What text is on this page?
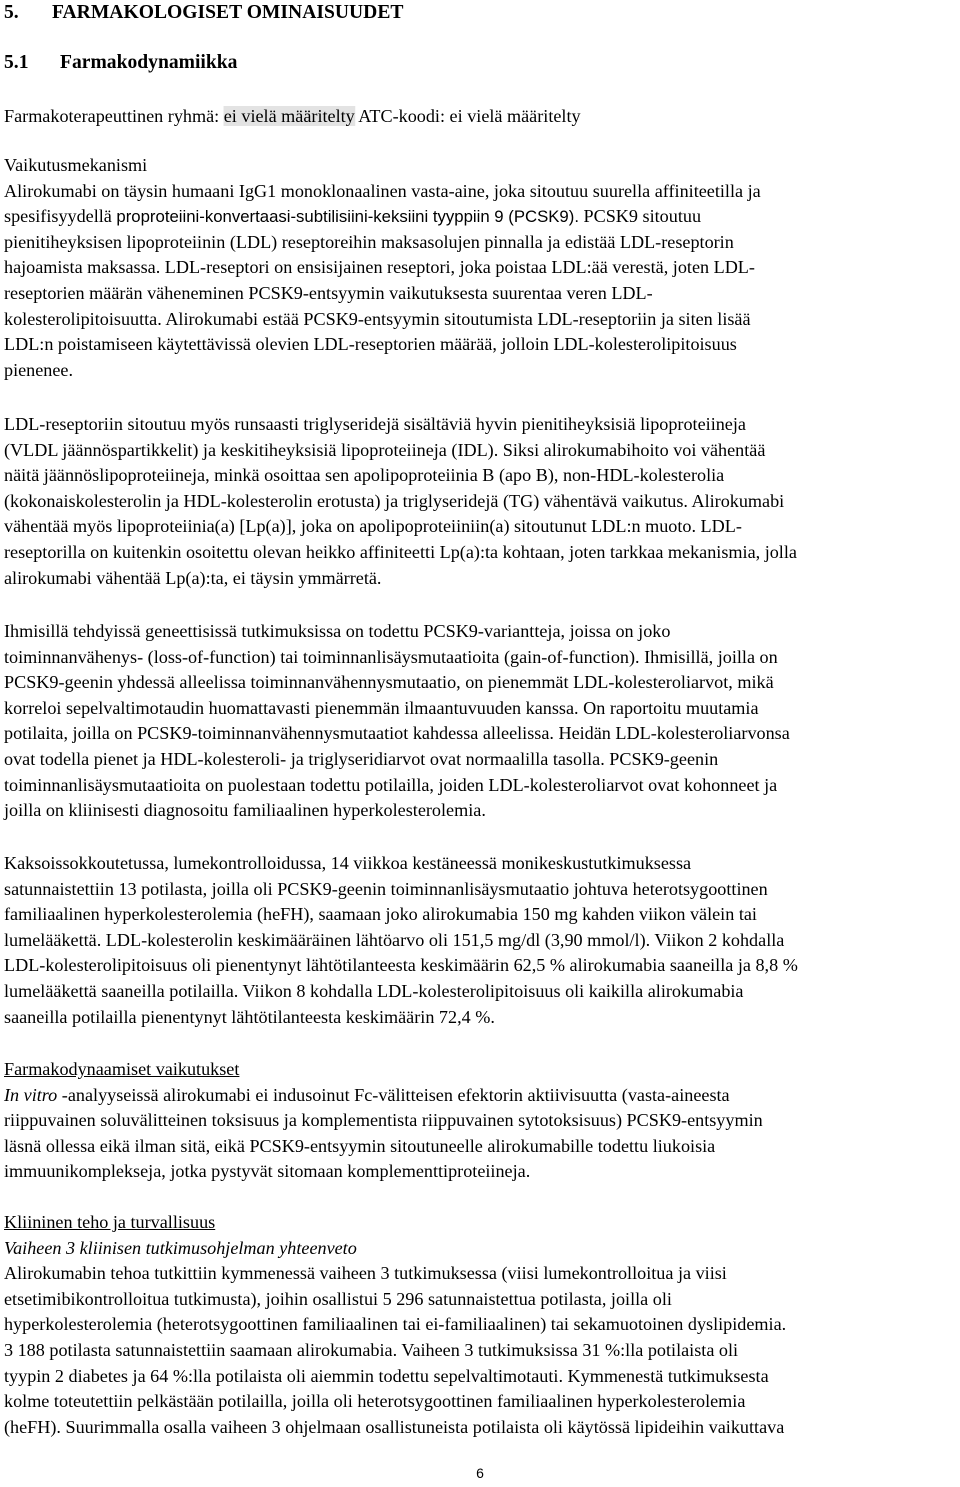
5. FARMAKOLOGISET OMINAISUUDET
5.1 Farmakodynamiikka
Farmakoterapeuttinen ryhmä: ei vielä määritelty ATC-koodi: ei vielä määritelty
Vaikutusmekanismi
Alirokumabi on täysin humaani IgG1 monoklonaalinen vasta-aine, joka sitoutuu suurella affiniteetilla ja
spesifisyydellä proproteiini-konvertaasi-subtilisiini-keksiini tyyppiin 9 (PCSK9). PCSK9 sitoutuu
pienitiheyksisen lipoproteiinin (LDL) reseptoreihin maksasolujen pinnalla ja edistää LDL-reseptorin
hajoamista maksassa. LDL-reseptori on ensisijainen reseptori, joka poistaa LDL:ää verestä, joten LDL-
reseptorien määrän väheneminen PCSK9-entsyymin vaikutuksesta suurentaa veren LDL-
kolesterolipitoisuutta. Alirokumabi estää PCSK9-entsyymin sitoutumista LDL-reseptoriin ja siten lisää
LDL:n poistamiseen käytettävissä olevien LDL-reseptorien määrää, jolloin LDL-kolesterolipitoisuus
pienenee.
LDL-reseptoriin sitoutuu myös runsaasti triglyseridejä sisältäviä hyvin pienitiheyksisiä lipoproteiineja
(VLDL jäännöspartikkelit) ja keskitiheyksisiä lipoproteiineja (IDL). Siksi alirokumabihoito voi vähentää
näitä jäännöslipoproteiineja, minkä osoittaa sen apolipoproteiinia B (apo B), non-HDL-kolesterolia
(kokonaiskolesterolin ja HDL-kolesterolin erotusta) ja triglyseridejä (TG) vähentävä vaikutus. Alirokumabi
vähentää myös lipoproteiinia(a) [Lp(a)], joka on apolipoproteiiniin(a) sitoutunut LDL:n muoto. LDL-
reseptorilla on kuitenkin osoitettu olevan heikko affiniteetti Lp(a):ta kohtaan, joten tarkkaa mekanismia, jolla
alirokumabi vähentää Lp(a):ta, ei täysin ymmärretä.
Ihmisillä tehdyissä geneettisissä tutkimuksissa on todettu PCSK9-variantteja, joissa on joko
toiminnanvähenys- (loss-of-function) tai toiminnanlisäysmutaatioita (gain-of-function). Ihmisillä, joilla on
PCSK9-geenin yhdessä alleelissa toiminnanvähennysmutaatio, on pienemmät LDL-kolesteroliarvot, mikä
korreloi sepelvaltimotaudin huomattavasti pienemmän ilmaantuvuuden kanssa. On raportoitu muutamia
potilaita, joilla on PCSK9-toiminnanvähennysmutaatiot kahdessa alleelissa. Heidän LDL-kolesteroliarvonsa
ovat todella pienet ja HDL-kolesteroli- ja triglyseridiarvot ovat normaalilla tasolla. PCSK9-geenin
toiminnanlisäysmutaatioita on puolestaan todettu potilailla, joiden LDL-kolesteroliarvot ovat kohonneet ja
joilla on kliinisesti diagnosoitu familiaalinen hyperkolesterolemia.
Kaksoissokkoutetussa, lumekontrolloidussa, 14 viikkoa kestäneessä monikeskustutkimuksessa
satunnaistettiin 13 potilasta, joilla oli PCSK9-geenin toiminnanlisäysmutaatio johtuva heterotsygoottinen
familiaalinen hyperkolesterolemia (heFH), saamaan joko alirokumabia 150 mg kahden viikon välein tai
lumelääkettä. LDL-kolesterolin keskimääräinen lähtöarvo oli 151,5 mg/dl (3,90 mmol/l). Viikon 2 kohdalla
LDL-kolesterolipitoisuus oli pienentynyt lähtötilanteesta keskimäärin 62,5 % alirokumabia saaneilla ja 8,8 %
lumelääkettä saaneilla potilailla. Viikon 8 kohdalla LDL-kolesterolipitoisuus oli kaikilla alirokumabia
saaneilla potilailla pienentynyt lähtötilanteesta keskimäärin 72,4 %.
Farmakodynaamiset vaikutukset
In vitro -analyyseissä alirokumabi ei indusoinut Fc-välitteisen efektorin aktiivisuutta (vasta-aineesta
riippuvainen soluvälitteinen toksisuus ja komplementista riippuvainen sytotoksisuus) PCSK9-entsyymin
läsnä ollessa eikä ilman sitä, eikä PCSK9-entsyymin sitoutuneelle alirokumabille todettu liukoisia
immuunikomplekseja, jotka pystyvät sitomaan komplementtiproteiineja.
Kliininen teho ja turvallisuus
Vaiheen 3 kliinisen tutkimusohjelman yhteenveto
Alirokumabin tehoa tutkittiin kymmenessä vaiheen 3 tutkimuksessa (viisi lumekontrolloitua ja viisi
etsetimibikontrolloitua tutkimusta), joihin osallistui 5 296 satunnaistettua potilasta, joilla oli
hyperkolesterolemia (heterotsygoottinen familiaalinen tai ei-familiaalinen) tai sekamuotoinen dyslipidemia.
3 188 potilasta satunnaistettiin saamaan alirokumabia. Vaiheen 3 tutkimuksissa 31 %:lla potilaista oli
tyypin 2 diabetes ja 64 %:lla potilaista oli aiemmin todettu sepelvaltimotauti. Kymmenestä tutkimuksesta
kolme toteutettiin pelkästään potilailla, joilla oli heterotsygoottinen familiaalinen hyperkolesterolemia
(heFH). Suurimmalla osalla vaiheen 3 ohjelmaan osallistuneista potilaista oli käytössä lipideihin vaikuttava
6
